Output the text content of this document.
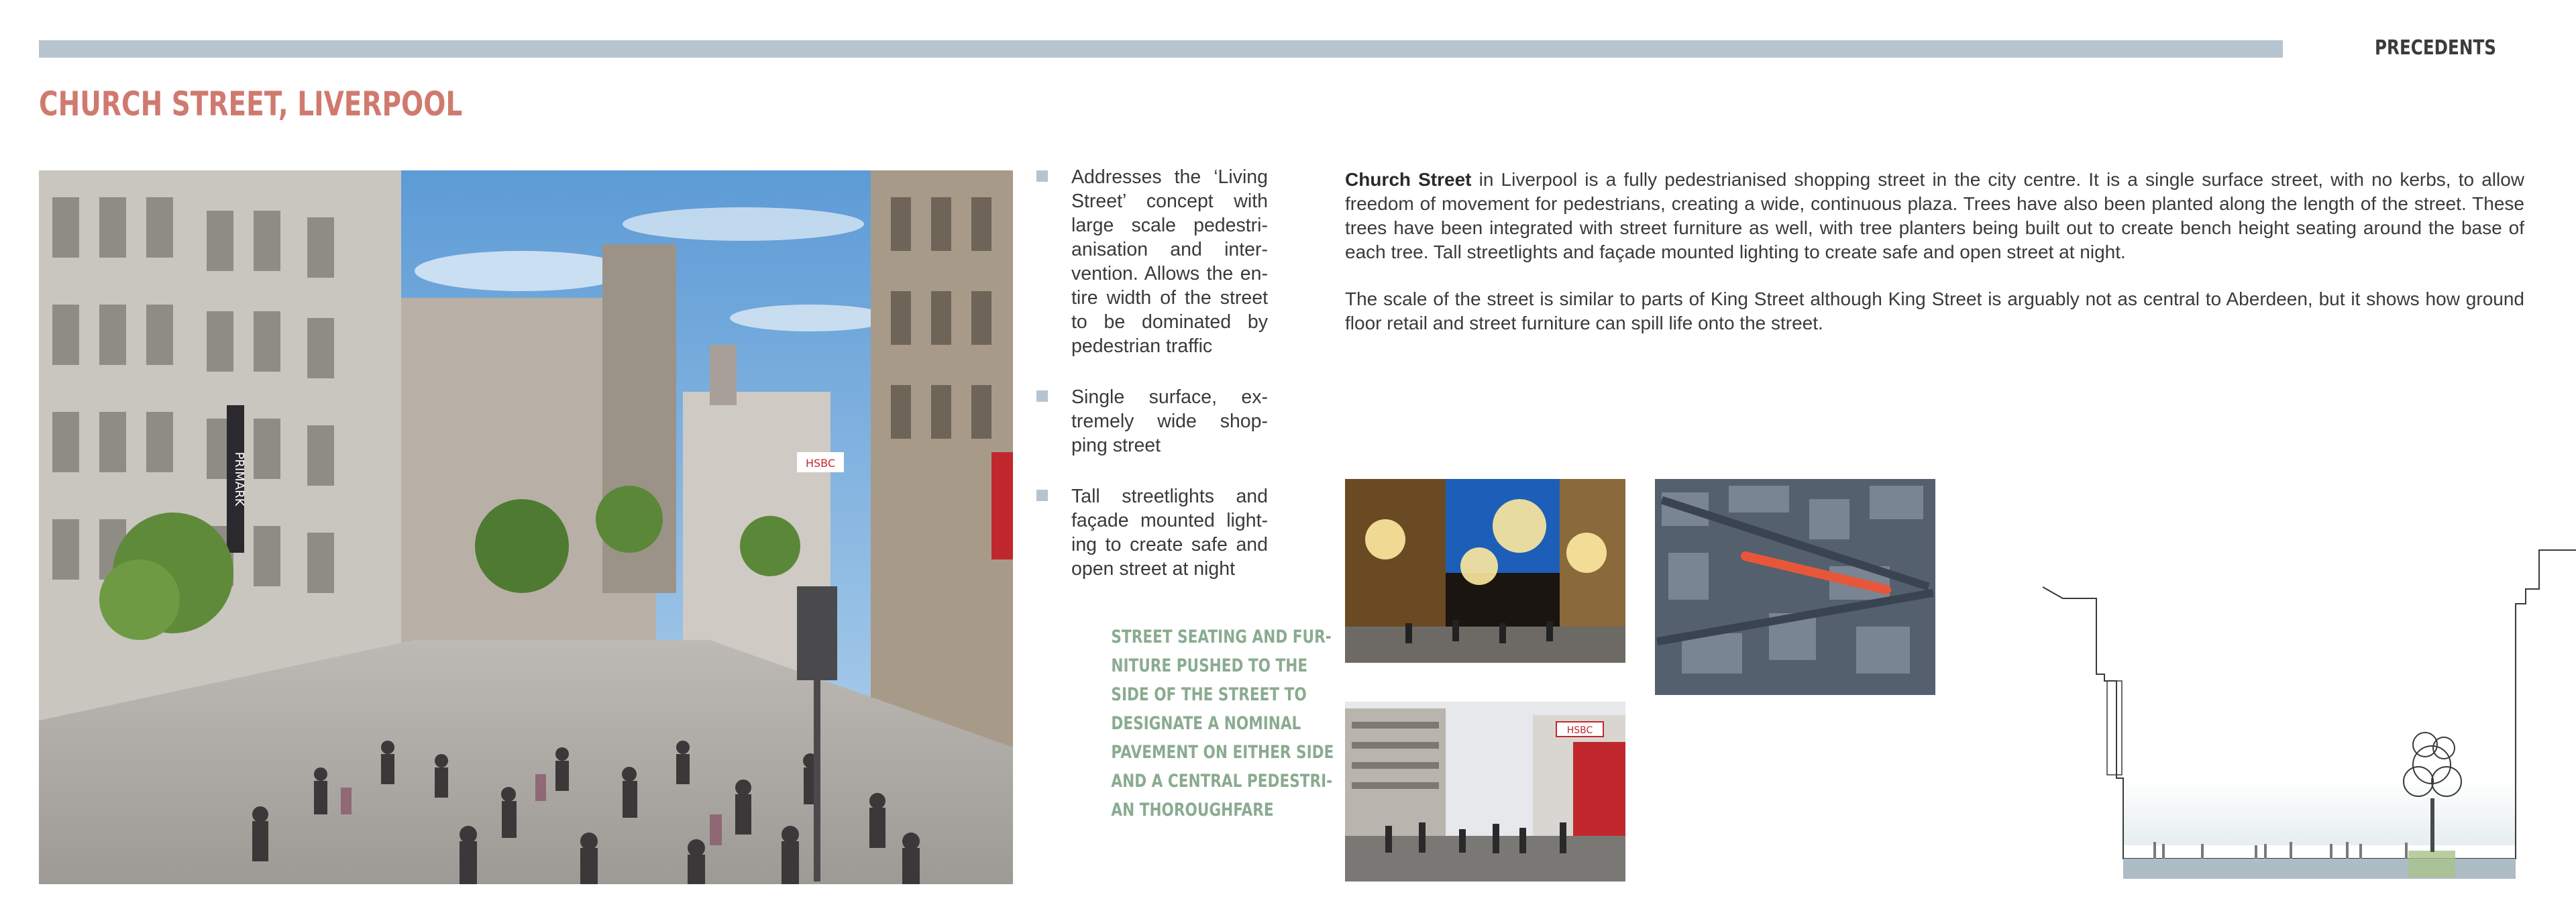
PRECEDENTS
CHURCH STREET, LIVERPOOL
PRIMARK	HSBC
Addresses the ‘Living Street’ concept with large scale pedestri-anisation and inter-vention. Allows the en-tire width of the street to be dominated by pedestrian traffic
Single surface, ex-tremely wide shop-ping street
Tall streetlights and façade mounted light-ing to create safe and open street at night
STREET SEATING AND FUR-
NITURE PUSHED TO THE
SIDE OF THE STREET TO
DESIGNATE A NOMINAL
PAVEMENT ON EITHER SIDE
AND A CENTRAL PEDESTRI-
AN THOROUGHFARE

Church Street in Liverpool is a fully pedestrianised shopping street in the city centre. It is a single surface street, with no kerbs, to allow freedom of movement for pedestrians, creating a wide, continuous plaza. Trees have also been planted along the length of the street. These trees have been integrated with street furniture as well, with tree planters being built out to create bench height seating around the base of each tree. Tall streetlights and façade mounted lighting to create safe and open street at night.

The scale of the street is similar to parts of King Street although King Street is arguably not as central to Aberdeen, but it shows how ground floor retail and street furniture can spill life onto the street.

HSBC
